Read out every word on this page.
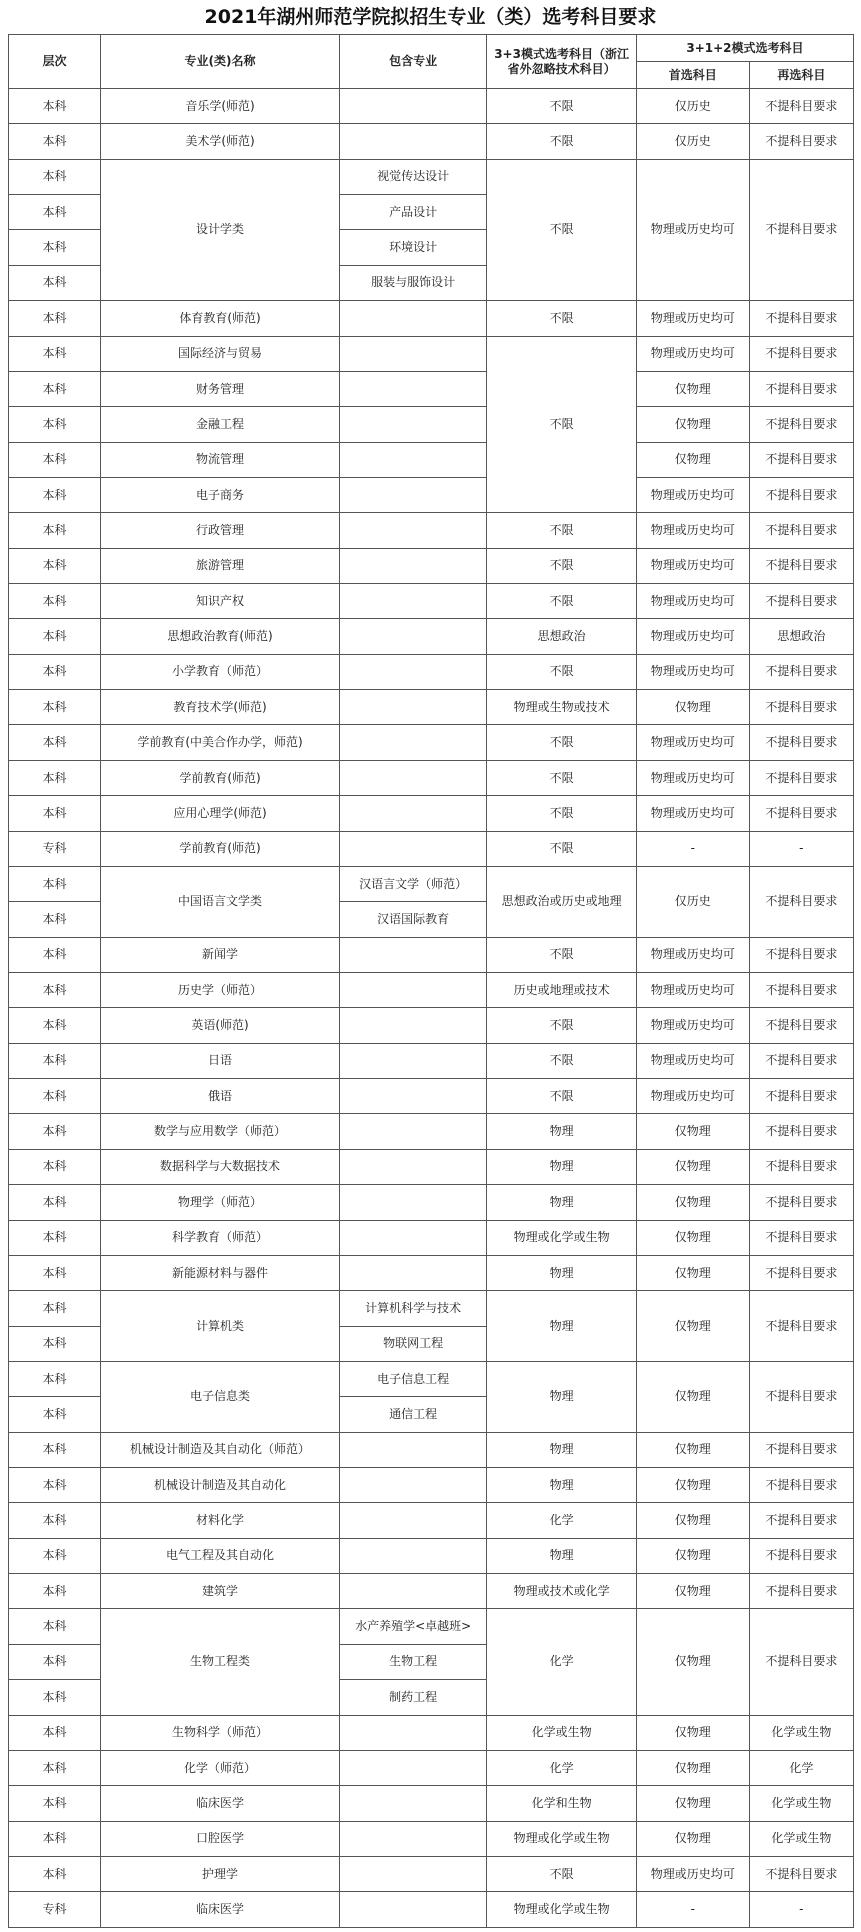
2021年湖州师范学院拟招生专业（类）选考科目要求
层次	专业(类)名称	包含专业	3+3模式选考科目（浙江省外忽略技术科目）	3+1+2模式选考科目	
				首选科目	再选科目
本科	音乐学(师范)		不限	仅历史	不提科目要求
本科	美术学(师范)		不限	仅历史	不提科目要求
本科	设计学类	视觉传达设计	不限	物理或历史均可	不提科目要求
本科		产品设计			
本科		环境设计			
本科		服装与服饰设计			
本科	体育教育(师范)		不限	物理或历史均可	不提科目要求
本科	国际经济与贸易		不限	物理或历史均可	不提科目要求
本科	财务管理			仅物理	不提科目要求
本科	金融工程			仅物理	不提科目要求
本科	物流管理			仅物理	不提科目要求
本科	电子商务			物理或历史均可	不提科目要求
本科	行政管理		不限	物理或历史均可	不提科目要求
本科	旅游管理		不限	物理或历史均可	不提科目要求
本科	知识产权		不限	物理或历史均可	不提科目要求
本科	思想政治教育(师范)		思想政治	物理或历史均可	思想政治
本科	小学教育（师范）		不限	物理或历史均可	不提科目要求
本科	教育技术学(师范)		物理或生物或技术	仅物理	不提科目要求
本科	学前教育(中美合作办学，师范)		不限	物理或历史均可	不提科目要求
本科	学前教育(师范)		不限	物理或历史均可	不提科目要求
本科	应用心理学(师范)		不限	物理或历史均可	不提科目要求
专科	学前教育(师范)		不限	-	-
本科	中国语言文学类	汉语言文学（师范）	思想政治或历史或地理	仅历史	不提科目要求
本科		汉语国际教育			
本科	新闻学		不限	物理或历史均可	不提科目要求
本科	历史学（师范）		历史或地理或技术	物理或历史均可	不提科目要求
本科	英语(师范)		不限	物理或历史均可	不提科目要求
本科	日语		不限	物理或历史均可	不提科目要求
本科	俄语		不限	物理或历史均可	不提科目要求
本科	数学与应用数学（师范）		物理	仅物理	不提科目要求
本科	数据科学与大数据技术		物理	仅物理	不提科目要求
本科	物理学（师范）		物理	仅物理	不提科目要求
本科	科学教育（师范）		物理或化学或生物	仅物理	不提科目要求
本科	新能源材料与器件		物理	仅物理	不提科目要求
本科	计算机类	计算机科学与技术	物理	仅物理	不提科目要求
本科		物联网工程			
本科	电子信息类	电子信息工程	物理	仅物理	不提科目要求
本科		通信工程			
本科	机械设计制造及其自动化（师范）		物理	仅物理	不提科目要求
本科	机械设计制造及其自动化		物理	仅物理	不提科目要求
本科	材料化学		化学	仅物理	不提科目要求
本科	电气工程及其自动化		物理	仅物理	不提科目要求
本科	建筑学		物理或技术或化学	仅物理	不提科目要求
本科	生物工程类	水产养殖学<卓越班>	化学	仅物理	不提科目要求
本科		生物工程			
本科		制药工程			
本科	生物科学（师范）		化学或生物	仅物理	化学或生物
本科	化学（师范）		化学	仅物理	化学
本科	临床医学		化学和生物	仅物理	化学或生物
本科	口腔医学		物理或化学或生物	仅物理	化学或生物
本科	护理学		不限	物理或历史均可	不提科目要求
专科	临床医学		物理或化学或生物	-	-
